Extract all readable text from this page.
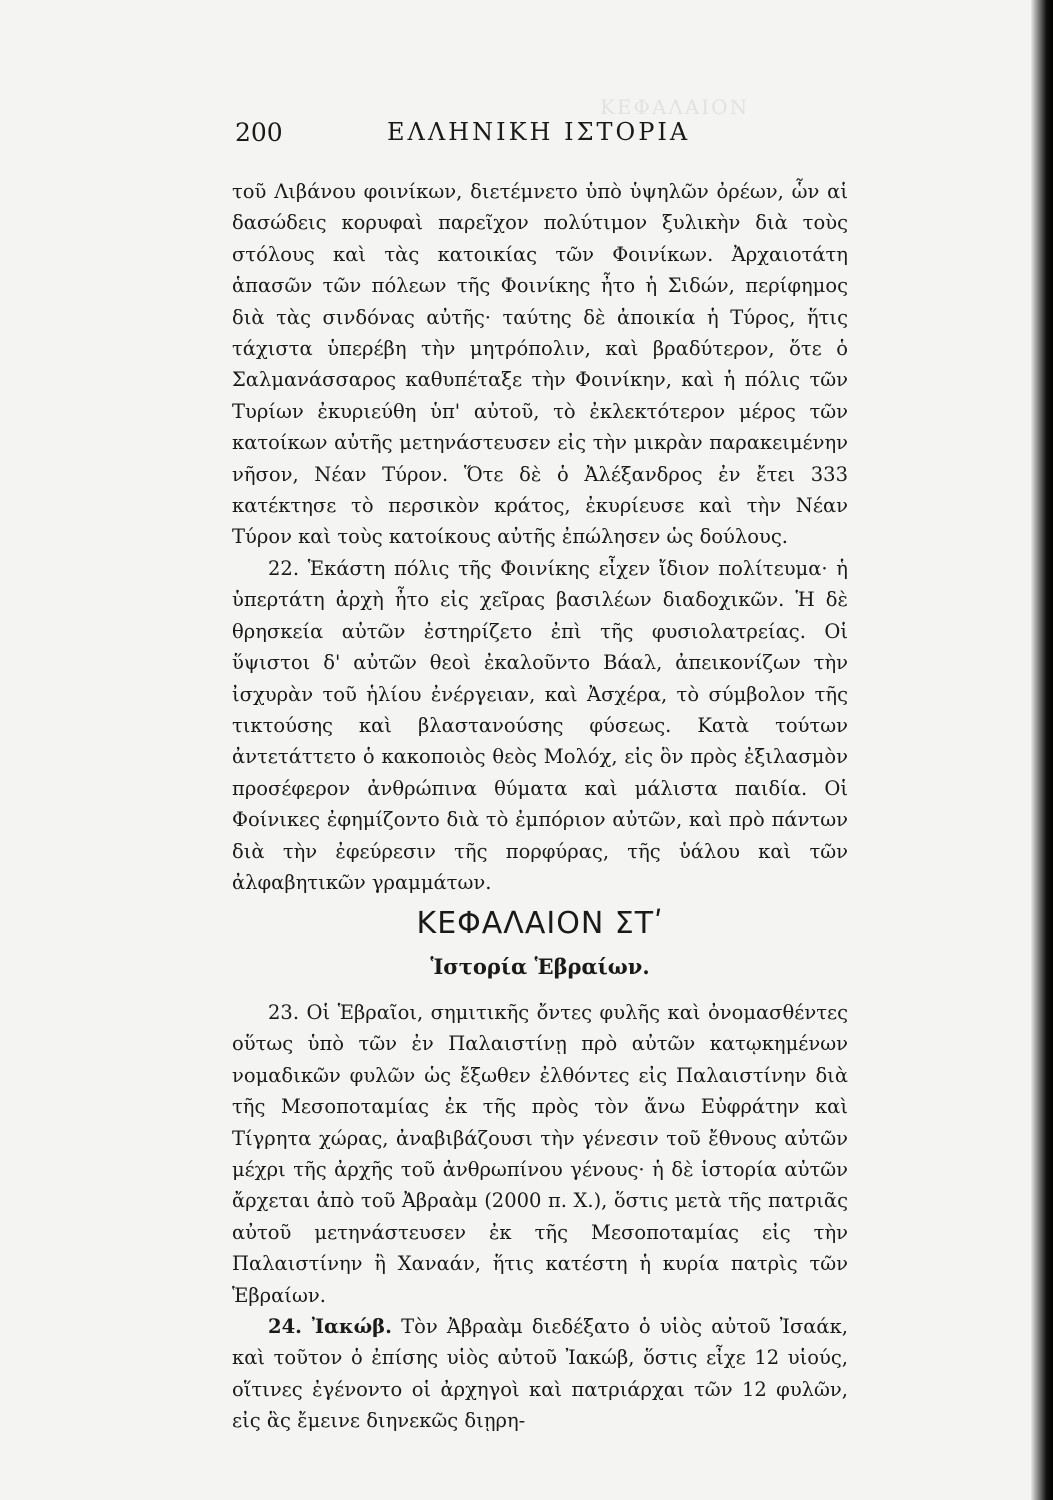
ΚΕΦΑΛΑΙΟΝ
200	ΕΛΛΗΝΙΚΗ ΙΣΤΟΡΙΑ

τοῦ Λιβάνου φοινίκων, διετέμνετο ὑπὸ ὑψηλῶν ὀρέων, ὧν αἱ δασώδεις κορυφαὶ παρεῖχον πολύτιμον ξυλικὴν διὰ τοὺς στόλους καὶ τὰς κατοικίας τῶν Φοινίκων. Ἀρχαιοτάτη ἁπασῶν τῶν πόλεων τῆς Φοινίκης ἦτο ἡ Σιδών, περίφημος διὰ τὰς σινδόνας αὐτῆς· ταύτης δὲ ἀποικία ἡ Τύρος, ἥτις τάχιστα ὑπερέβη τὴν μητρόπολιν, καὶ βραδύτερον, ὅτε ὁ Σαλμανάσσαρος καθυπέταξε τὴν Φοινίκην, καὶ ἡ πόλις τῶν Τυρίων ἐκυριεύθη ὑπ' αὐτοῦ, τὸ ἐκλεκτότερον μέρος τῶν κατοίκων αὐτῆς μετηνάστευσεν εἰς τὴν μικρὰν παρακειμένην νῆσον, Νέαν Τύρον. Ὅτε δὲ ὁ Ἀλέξανδρος ἐν ἔτει 333 κατέκτησε τὸ περσικὸν κράτος, ἐκυρίευσε καὶ τὴν Νέαν Τύρον καὶ τοὺς κατοίκους αὐτῆς ἐπώλησεν ὡς δούλους.

22. Ἑκάστη πόλις τῆς Φοινίκης εἶχεν ἴδιον πολίτευμα· ἡ ὑπερτάτη ἀρχὴ ἦτο εἰς χεῖρας βασιλέων διαδοχικῶν. Ἡ δὲ θρησκεία αὐτῶν ἐστηρίζετο ἐπὶ τῆς φυσιολατρείας. Οἱ ὕψιστοι δ' αὐτῶν θεοὶ ἐκαλοῦντο Βάαλ, ἀπεικονίζων τὴν ἰσχυρὰν τοῦ ἡλίου ἐνέργειαν, καὶ Ἀσχέρα, τὸ σύμβολον τῆς τικτούσης καὶ βλαστανούσης φύσεως. Κατὰ τούτων ἀντετάττετο ὁ κακοποιὸς θεὸς Μολόχ, εἰς ὃν πρὸς ἐξιλασμὸν προσέφερον ἀνθρώπινα θύματα καὶ μάλιστα παιδία. Οἱ Φοίνικες ἐφημίζοντο διὰ τὸ ἐμπόριον αὐτῶν, καὶ πρὸ πάντων διὰ τὴν ἐφεύρεσιν τῆς πορφύρας, τῆς ὑάλου καὶ τῶν ἀλφαβητικῶν γραμμάτων.

ΚΕΦΑΛΑΙΟΝ ΣΤʹ
Ἱστορία Ἑβραίων.

23. Οἱ Ἑβραῖοι, σημιτικῆς ὄντες φυλῆς καὶ ὀνομασθέντες οὕτως ὑπὸ τῶν ἐν Παλαιστίνῃ πρὸ αὐτῶν κατῳκημένων νομαδικῶν φυλῶν ὡς ἔξωθεν ἐλθόντες εἰς Παλαιστίνην διὰ τῆς Μεσοποταμίας ἐκ τῆς πρὸς τὸν ἄνω Εὐφράτην καὶ Τίγρητα χώρας, ἀναβιβάζουσι τὴν γένεσιν τοῦ ἔθνους αὐτῶν μέχρι τῆς ἀρχῆς τοῦ ἀνθρωπίνου γένους· ἡ δὲ ἱστορία αὐτῶν ἄρχεται ἀπὸ τοῦ Ἀβραὰμ (2000 π. Χ.), ὅστις μετὰ τῆς πατριᾶς αὐτοῦ μετηνάστευσεν ἐκ τῆς Μεσοποταμίας εἰς τὴν Παλαιστίνην ἢ Χαναάν, ἥτις κατέστη ἡ κυρία πατρὶς τῶν Ἑβραίων.

24. Ἰακώβ. Τὸν Ἀβραὰμ διεδέξατο ὁ υἱὸς αὐτοῦ Ἰσαάκ, καὶ τοῦτον ὁ ἐπίσης υἱὸς αὐτοῦ Ἰακώβ, ὅστις εἶχε 12 υἱούς, οἵτινες ἐγένοντο οἱ ἀρχηγοὶ καὶ πατριάρχαι τῶν 12 φυλῶν, εἰς ἃς ἔμεινε διηνεκῶς διῃρη-
